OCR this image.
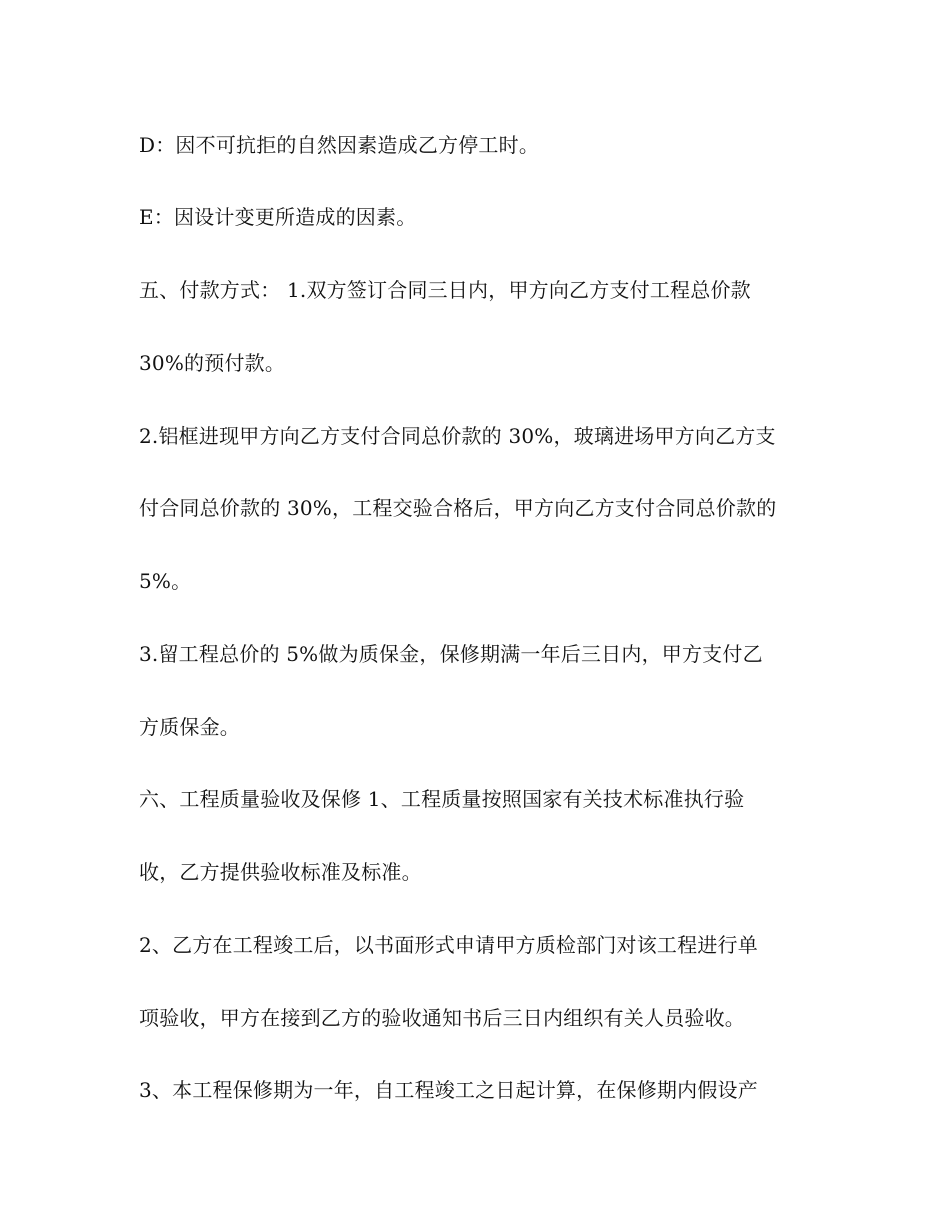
D：因不可抗拒的自然因素造成乙方停工时。
E：因设计变更所造成的因素。
五、付款方式： 1.双方签订合同三日内，甲方向乙方支付工程总价款
30%的预付款。
2.铝框进现甲方向乙方支付合同总价款的 30%，玻璃进场甲方向乙方支
付合同总价款的 30%，工程交验合格后，甲方向乙方支付合同总价款的
5%。
3.留工程总价的 5%做为质保金，保修期满一年后三日内，甲方支付乙
方质保金。
六、工程质量验收及保修 1、工程质量按照国家有关技术标准执行验
收，乙方提供验收标准及标准。
2、乙方在工程竣工后，以书面形式申请甲方质检部门对该工程进行单
项验收，甲方在接到乙方的验收通知书后三日内组织有关人员验收。
3、本工程保修期为一年，自工程竣工之日起计算，在保修期内假设产
